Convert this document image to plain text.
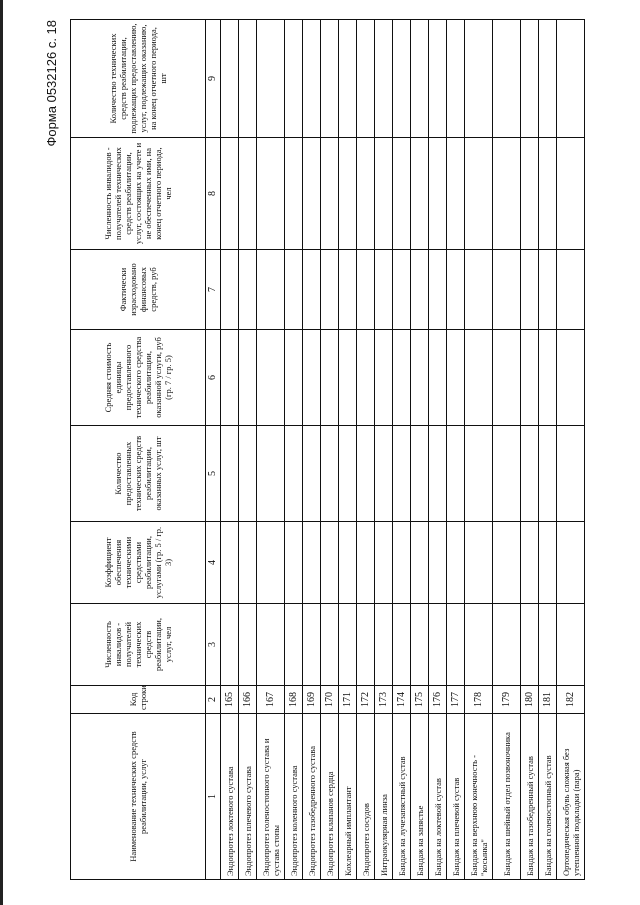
Форма 0532126 с. 18
Наименование технических средств реабилитации, услуг	Код строки	Численность инвалидов - получателей технических средств реабилитации, услуг, чел	Коэффициент обеспечения техническими средствами реабилитации, услугами (гр. 5 / гр. 3)	Количество предоставленных технических средств реабилитации, оказанных услуг, шт	Средняя стоимость единицы предоставленного технического средства реабилитации, оказанной услуги, руб (гр. 7 / гр. 5)	Фактически израсходовано финансовых средств, руб	Численность инвалидов - получателей технических средств реабилитации, услуг, состоящих на учете и не обеспеченных ими, на конец отчетного периода, чел	Количество технических средств реабилитации, подлежащих предоставлению, услуг, подлежащих оказанию, на конец отчетного периода, шт
1	2	3	4	5	6	7	8	9
Эндопротез локтевого сустава	165							
Эндопротез плечевого сустава	166							
Эндопротез голеностопного сустава и сустава стопы	167							
Эндопротез коленного сустава	168							
Эндопротез тазобедренного сустава	169							
Эндопротез клапанов сердца	170							
Кохлеарный имплантант	171							
Эндопротез сосудов	172							
Интраокулярная линза	173							
Бандаж на лучезапястный сустав	174							
Бандаж на запястье	175							
Бандаж на локтевой сустав	176							
Бандаж на плечевой сустав	177							
Бандаж на верхнюю конечность - "косынка"	178							
Бандаж на шейный отдел позвоночника	179							
Бандаж на тазобедренный сустав	180							
Бандаж на голеностопный сустав	181							
Ортопедическая обувь сложная без утепленной подкладки (пара)	182							
